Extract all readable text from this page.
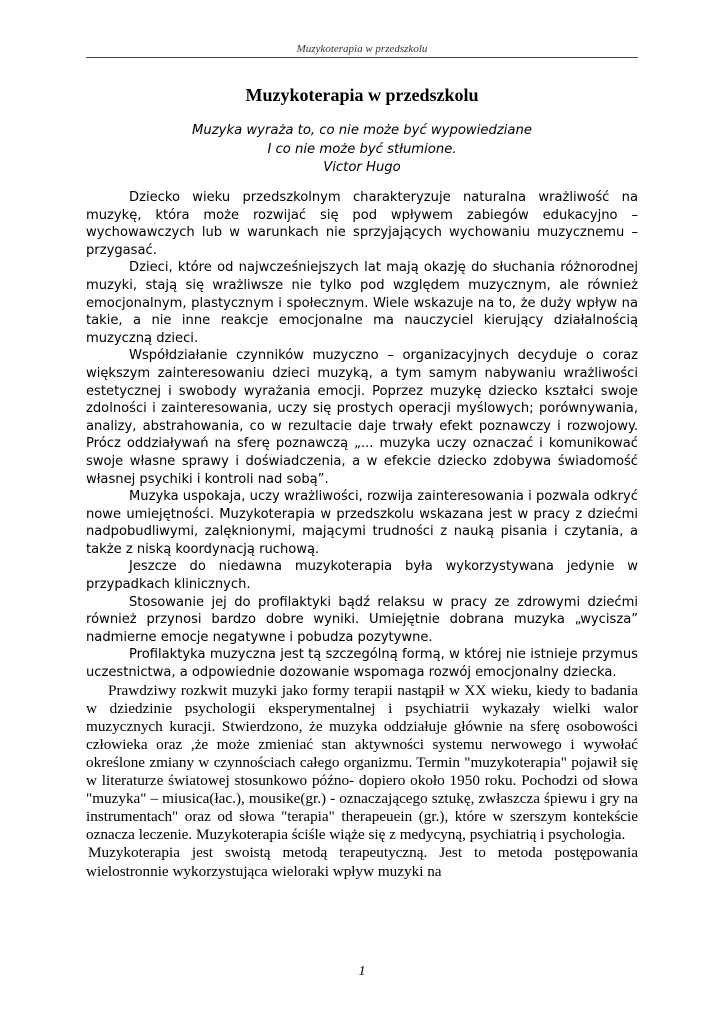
Muzykoterapia w przedszkolu
Muzykoterapia w przedszkolu
Muzyka wyraża to, co nie może być wypowiedziane
I co nie może być stłumione.
Victor Hugo

Dziecko wieku przedszkolnym charakteryzuje naturalna wrażliwość na muzykę, która może rozwijać się pod wpływem zabiegów edukacyjno – wychowawczych lub w warunkach nie sprzyjających wychowaniu muzycznemu – przygasać.

Dzieci, które od najwcześniejszych lat mają okazję do słuchania różnorodnej muzyki, stają się wrażliwsze nie tylko pod względem muzycznym, ale również emocjonalnym, plastycznym i społecznym. Wiele wskazuje na to, że duży wpływ na takie, a nie inne reakcje emocjonalne ma nauczyciel kierujący działalnością muzyczną dzieci.

Współdziałanie czynników muzyczno – organizacyjnych decyduje o coraz większym zainteresowaniu dzieci muzyką, a tym samym nabywaniu wrażliwości estetycznej i swobody wyrażania emocji. Poprzez muzykę dziecko kształci swoje zdolności i zainteresowania, uczy się prostych operacji myślowych; porównywania, analizy, abstrahowania, co w rezultacie daje trwały efekt poznawczy i rozwojowy. Prócz oddziaływań na sferę poznawczą „... muzyka uczy oznaczać i komunikować swoje własne sprawy i doświadczenia, a w efekcie dziecko zdobywa świadomość własnej psychiki i kontroli nad sobą”.

Muzyka uspokaja, uczy wrażliwości, rozwija zainteresowania i pozwala odkryć nowe umiejętności. Muzykoterapia w przedszkolu wskazana jest w pracy z dziećmi nadpobudliwymi, zalęknionymi, mającymi trudności z nauką pisania i czytania, a także z niską koordynacją ruchową.

Jeszcze do niedawna muzykoterapia była wykorzystywana jedynie w przypadkach klinicznych.

Stosowanie jej do profilaktyki bądź relaksu w pracy ze zdrowymi dziećmi również przynosi bardzo dobre wyniki. Umiejętnie dobrana muzyka „wycisza” nadmierne emocje negatywne i pobudza pozytywne.

Profilaktyka muzyczna jest tą szczególną formą, w której nie istnieje przymus uczestnictwa, a odpowiednie dozowanie wspomaga rozwój emocjonalny dziecka.

Prawdziwy rozkwit muzyki jako formy terapii nastąpił w XX wieku, kiedy to badania w dziedzinie psychologii eksperymentalnej i psychiatrii wykazały wielki walor muzycznych kuracji. Stwierdzono, że muzyka oddziałuje głównie na sferę osobowości człowieka oraz ,że może zmieniać stan aktywności systemu nerwowego i wywołać określone zmiany w czynnościach całego organizmu. Termin "muzykoterapia" pojawił się w literaturze światowej stosunkowo późno- dopiero około 1950 roku. Pochodzi od słowa "muzyka" – miusica(łac.), mousike(gr.) - oznaczającego sztukę, zwłaszcza śpiewu i gry na instrumentach" oraz od słowa "terapia" therapeuein (gr.), które w szerszym kontekście oznacza leczenie. Muzykoterapia ściśle wiąże się z medycyną, psychiatrią i psychologia.

Muzykoterapia jest swoistą metodą terapeutyczną. Jest to metoda postępowania wielostronnie wykorzystująca wieloraki wpływ muzyki na

1
